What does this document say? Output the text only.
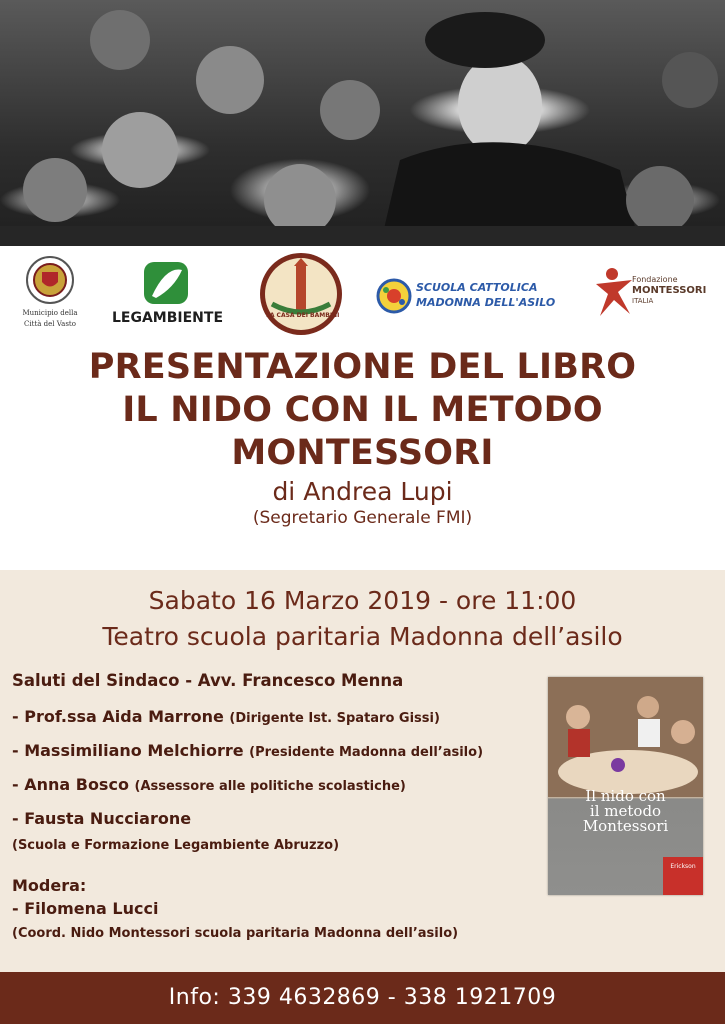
Municipio della
Città del Vasto	LEGAMBIENTE	LA CASA DEI BAMBINI
SCUOLA CATTOLICA
MADONNA DELL'ASILO
Fondazione
MONTESSORI
ITALIA
PRESENTAZIONE DEL LIBRO
IL NIDO CON IL METODO
MONTESSORI
di Andrea Lupi
(Segretario Generale FMI)
Sabato 16 Marzo 2019 - ore 11:00
Teatro scuola paritaria Madonna dell’asilo
Saluti del Sindaco - Avv. Francesco Menna
- Prof.ssa Aida Marrone (Dirigente Ist. Spataro Gissi)
- Massimiliano Melchiorre (Presidente Madonna dell’asilo)
- Anna Bosco (Assessore alle politiche scolastiche)
- Fausta Nucciarone
(Scuola e Formazione Legambiente Abruzzo)
Modera:
- Filomena Lucci
(Coord. Nido Montessori scuola paritaria Madonna dell’asilo)
Il nido con
il metodo
Montessori
Erickson
Info: 339 4632869 - 338 1921709
